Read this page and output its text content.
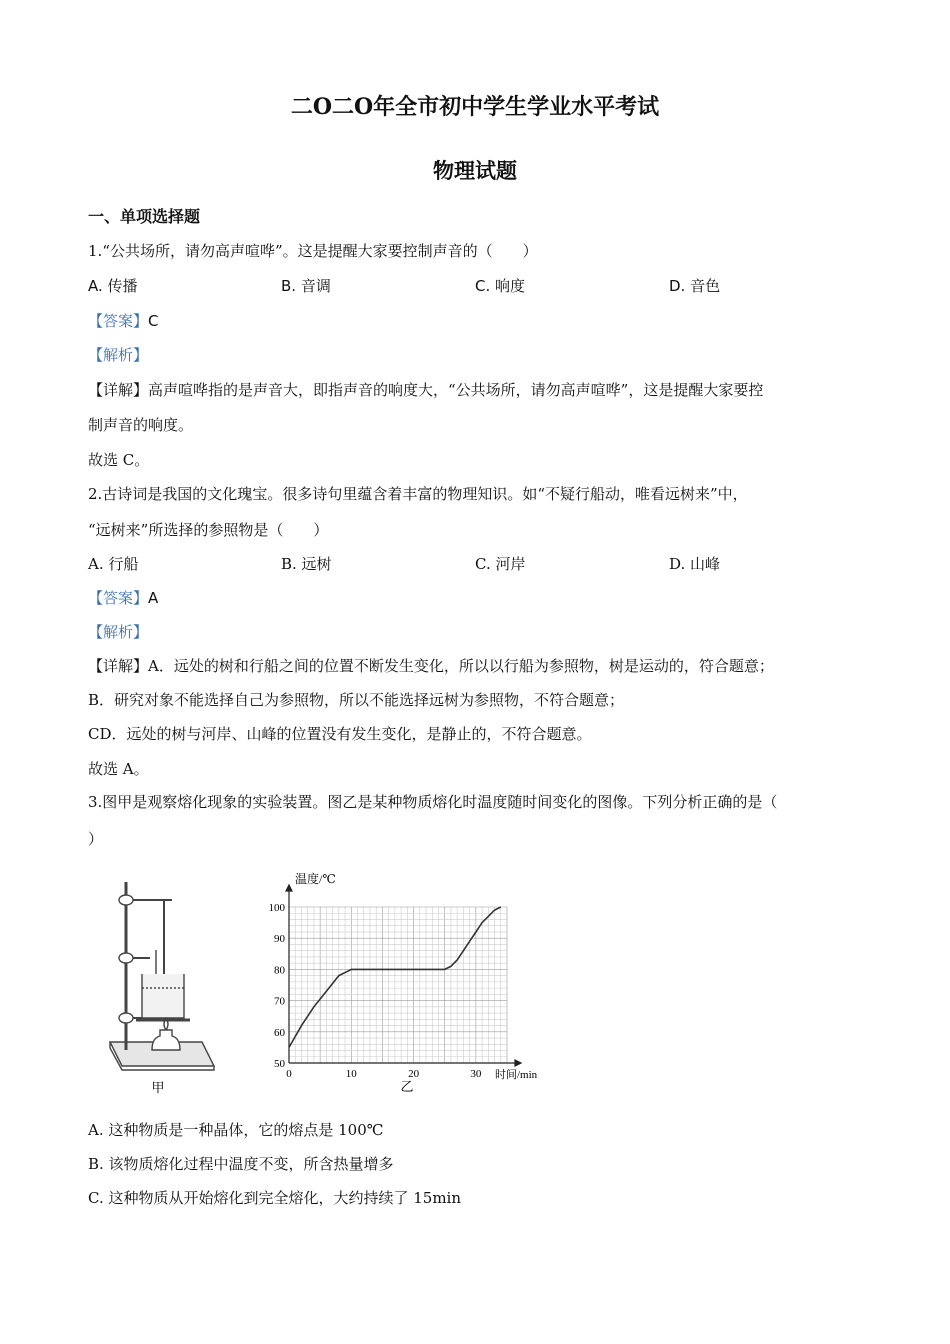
二O二O年全市初中学生学业水平考试
物理试题
一、单项选择题
1.“公共场所，请勿高声喧哗”。这是提醒大家要控制声音的（　　）
A. 传播	B. 音调	C. 响度	D. 音色
【答案】C
【解析】
【详解】高声喧哗指的是声音大，即指声音的响度大，“公共场所，请勿高声喧哗”，这是提醒大家要控
制声音的响度。
故选 C。
2.古诗词是我国的文化瑰宝。很多诗句里蕴含着丰富的物理知识。如“不疑行船动，唯看远树来”中，
“远树来”所选择的参照物是（　　）
A. 行船	B. 远树	C. 河岸	D. 山峰
【答案】A
【解析】
【详解】A．远处的树和行船之间的位置不断发生变化，所以以行船为参照物，树是运动的，符合题意；
B．研究对象不能选择自己为参照物，所以不能选择远树为参照物，不符合题意；
CD．远处的树与河岸、山峰的位置没有发生变化，是静止的，不符合题意。
故选 A。
3.图甲是观察熔化现象的实验装置。图乙是某种物质熔化时温度随时间变化的图像。下列分析正确的是（
）
甲
50
60
70
80
90
100
0	10	20	30
温度/℃
时间/min
乙
A. 这种物质是一种晶体，它的熔点是 100℃
B. 该物质熔化过程中温度不变，所含热量增多
C. 这种物质从开始熔化到完全熔化，大约持续了 15min
